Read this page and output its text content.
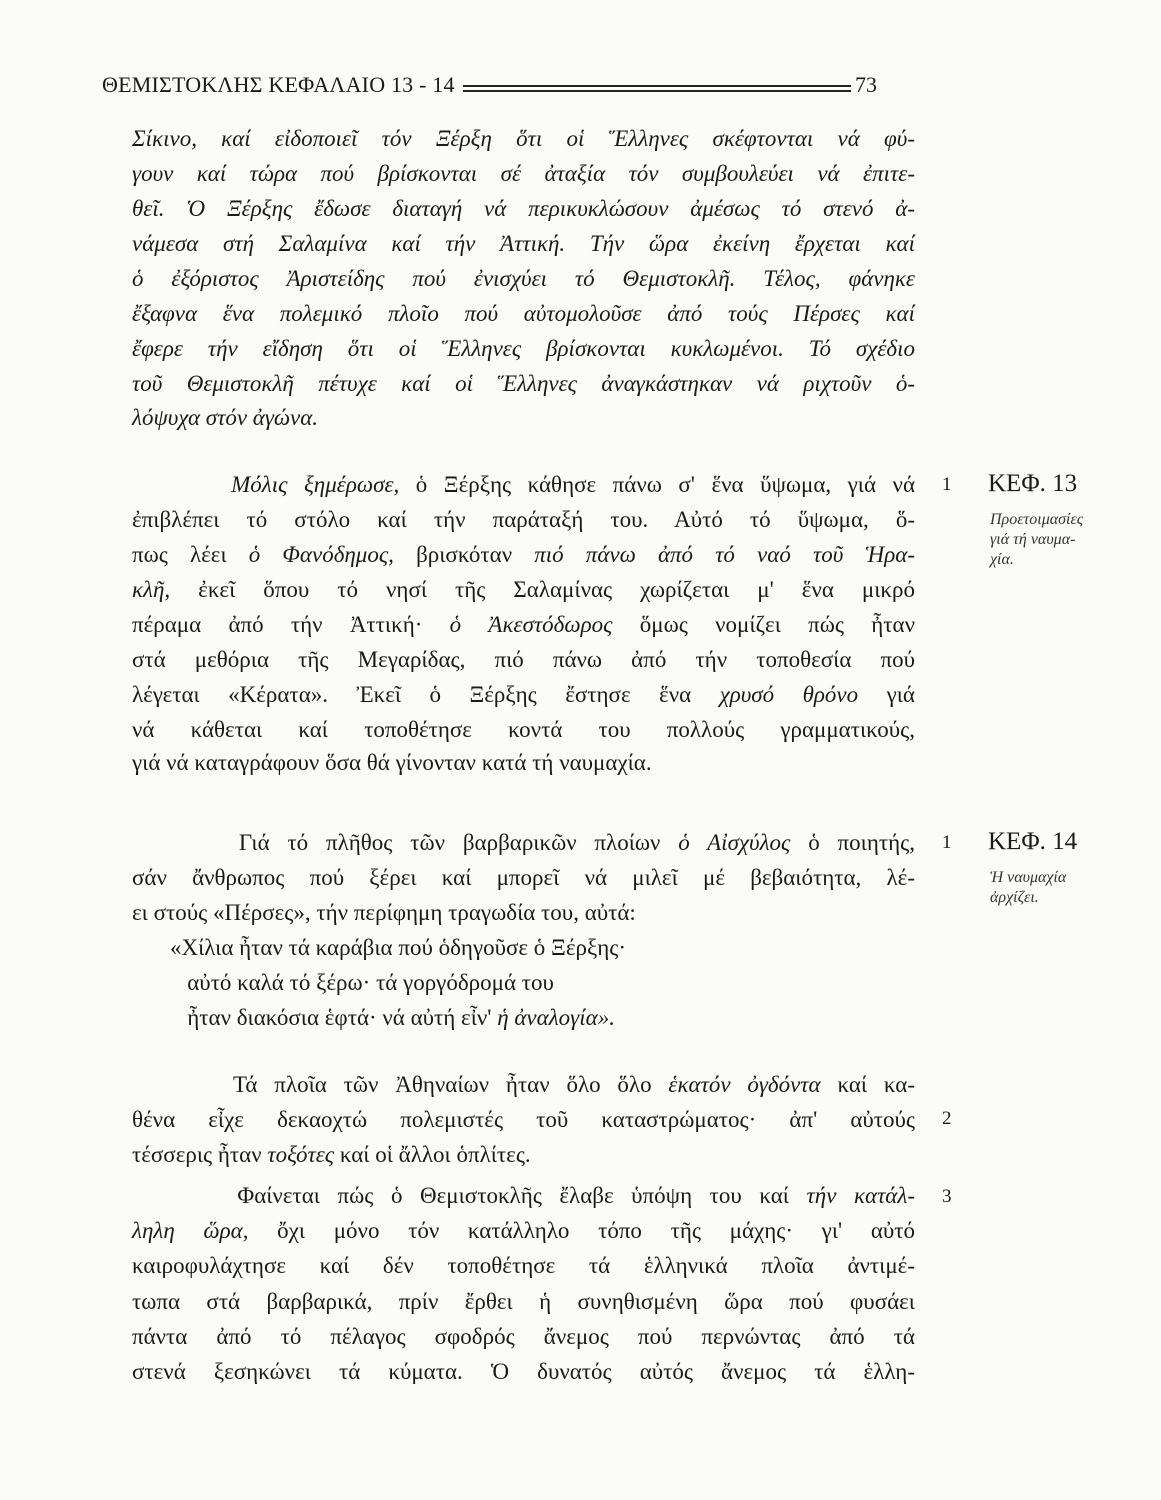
ΘΕΜΙΣΤΟΚΛΗΣ ΚΕΦΑΛΑΙΟ 13 - 14	73
Σίκινο, καί εἰδοποιεῖ τόν Ξέρξη ὅτι οἱ Ἕλληνες σκέφτονται νά φύ-
γουν καί τώρα πού βρίσκονται σέ ἀταξία τόν συμβουλεύει νά ἐπιτε-
θεῖ. Ὁ Ξέρξης ἔδωσε διαταγή νά περικυκλώσουν ἀμέσως τό στενό ἀ-
νάμεσα στή Σαλαμίνα καί τήν Ἀττική. Τήν ὥρα ἐκείνη ἔρχεται καί
ὁ ἐξόριστος Ἀριστείδης πού ἐνισχύει τό Θεμιστοκλῆ. Τέλος, φάνηκε
ἔξαφνα ἕνα πολεμικό πλοῖο πού αὐτομολοῦσε ἀπό τούς Πέρσες καί
ἔφερε τήν εἴδηση ὅτι οἱ Ἕλληνες βρίσκονται κυκλωμένοι. Τό σχέδιο
τοῦ Θεμιστοκλῆ πέτυχε καί οἱ Ἕλληνες ἀναγκάστηκαν νά ριχτοῦν ὁ-
λόψυχα στόν ἀγώνα.
Μόλις ξημέρωσε, ὁ Ξέρξης κάθησε πάνω σ' ἕνα ὕψωμα, γιά νά
ἐπιβλέπει τό στόλο καί τήν παράταξή του. Αὐτό τό ὕψωμα, ὅ-
πως λέει ὁ Φανόδημος, βρισκόταν πιό πάνω ἀπό τό ναό τοῦ Ἡρα-
κλῆ, ἐκεῖ ὅπου τό νησί τῆς Σαλαμίνας χωρίζεται μ' ἕνα μικρό
πέραμα ἀπό τήν Ἀττική· ὁ Ἀκεστόδωρος ὅμως νομίζει πώς ἦταν
στά μεθόρια τῆς Μεγαρίδας, πιό πάνω ἀπό τήν τοποθεσία πού
λέγεται «Κέρατα». Ἐκεῖ ὁ Ξέρξης ἔστησε ἕνα χρυσό θρόνο γιά
νά κάθεται καί τοποθέτησε κοντά του πολλούς γραμματικούς,
γιά νά καταγράφουν ὅσα θά γίνονταν κατά τή ναυμαχία.
Γιά τό πλῆθος τῶν βαρβαρικῶν πλοίων ὁ Αἰσχύλος ὁ ποιητής,
σάν ἄνθρωπος πού ξέρει καί μπορεῖ νά μιλεῖ μέ βεβαιότητα, λέ-
ει στούς «Πέρσες», τήν περίφημη τραγωδία του, αὐτά:
«Χίλια ἦταν τά καράβια πού ὁδηγοῦσε ὁ Ξέρξης·
αὐτό καλά τό ξέρω· τά γοργόδρομά του
ἦταν διακόσια ἑφτά· νά αὐτή εἶν' ἡ ἀναλογία».
Τά πλοῖα τῶν Ἀθηναίων ἦταν ὅλο ὅλο ἑκατόν ὀγδόντα καί κα-
θένα εἶχε δεκαοχτώ πολεμιστές τοῦ καταστρώματος· ἀπ' αὐτούς
τέσσερις ἦταν τοξότες καί οἱ ἄλλοι ὁπλίτες.
Φαίνεται πώς ὁ Θεμιστοκλῆς ἔλαβε ὑπόψη του καί τήν κατάλ-
ληλη ὥρα, ὄχι μόνο τόν κατάλληλο τόπο τῆς μάχης· γι' αὐτό
καιροφυλάχτησε καί δέν τοποθέτησε τά ἑλληνικά πλοῖα ἀντιμέ-
τωπα στά βαρβαρικά, πρίν ἔρθει ἡ συνηθισμένη ὥρα πού φυσάει
πάντα ἀπό τό πέλαγος σφοδρός ἄνεμος πού περνώντας ἀπό τά
στενά ξεσηκώνει τά κύματα. Ὁ δυνατός αὐτός ἄνεμος τά ἑλλη-
1
1
2
3
ΚΕΦ. 13
Προετοιμασίες
γιά τή ναυμα-
χία.
ΚΕΦ. 14
Ἡ ναυμαχία
ἀρχίζει.
